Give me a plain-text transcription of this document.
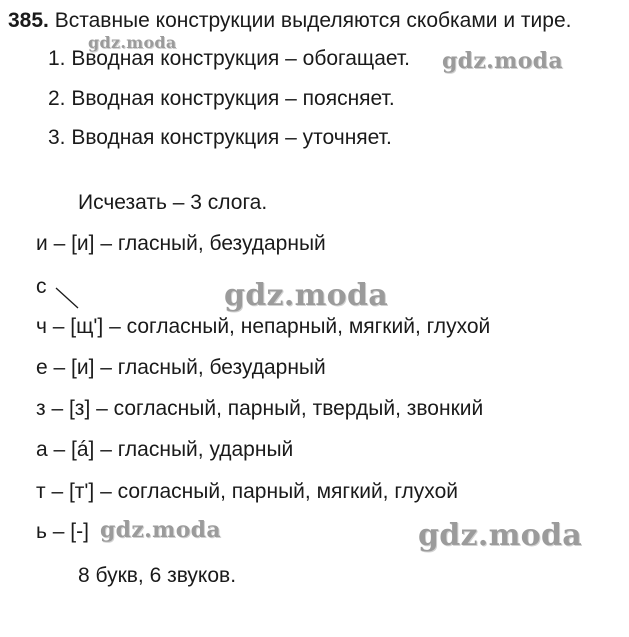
385. Вставные конструкции выделяются скобками и тире.
1. Вводная конструкция – обогащает.
2. Вводная конструкция – поясняет.
3. Вводная конструкция – уточняет.
Исчезать – 3 слога.
и – [и] – гласный, безударный
с
ч – [щ'] – согласный, непарный, мягкий, глухой
е – [и] – гласный, безударный
з – [з] – согласный, парный, твердый, звонкий
а – [á] – гласный, ударный
т – [т'] – согласный, парный, мягкий, глухой
ь – [-]
8 букв, 6 звуков.
gdz.moda
gdz.moda
gdz.moda
gdz.moda	gdz.moda
